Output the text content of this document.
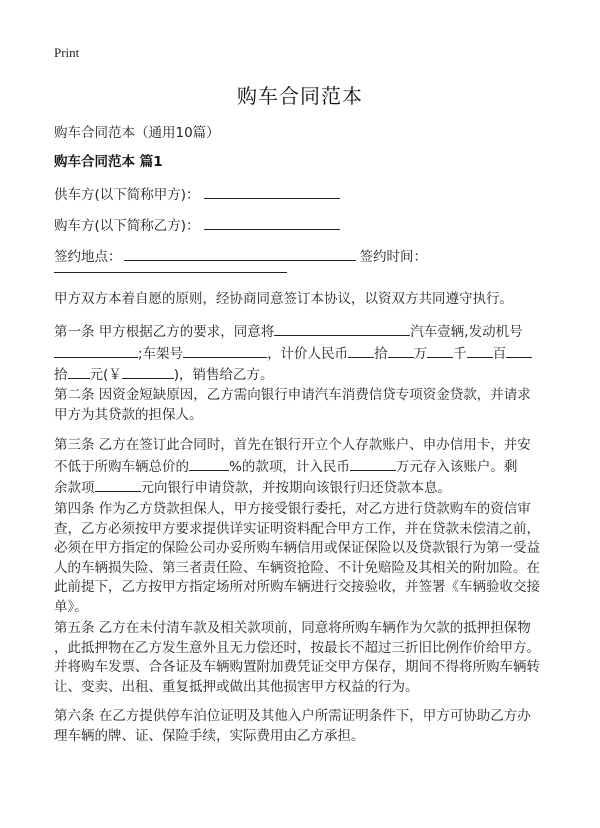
Print
购车合同范本
购车合同范本（通用10篇）
购车合同范本 篇1
供车方(以下简称甲方)：
购车方(以下简称乙方)：
签约地点：	签约时间：

甲方双方本着自愿的原则，经协商同意签订本协议，以资双方共同遵守执行。

第一条 甲方根据乙方的要求，同意将	汽车壹辆,发动机号

;车架号	，计价人民币 拾 万 千 百

拾 元(￥	)，销售给乙方。

第二条 因资金短缺原因，乙方需向银行申请汽车消费信贷专项资金贷款，并请求

甲方为其贷款的担保人。

第三条 乙方在签订此合同时，首先在银行开立个人存款账户、申办信用卡，并安

不低于所购车辆总价的	%的款项，计入民币	万元存入该账户。剩

余款项	元向银行申请贷款，并按期向该银行归还贷款本息。

第四条 作为乙方贷款担保人，甲方接受银行委托，对乙方进行贷款购车的资信审

查，乙方必须按甲方要求提供详实证明资料配合甲方工作，并在贷款未偿清之前，

必须在甲方指定的保险公司办妥所购车辆信用或保证保险以及贷款银行为第一受益

人的车辆损失险、第三者责任险、车辆资抢险、不计免赔险及其相关的附加险。在

此前提下，乙方按甲方指定场所对所购车辆进行交接验收，并签署《车辆验收交接

单》。

第五条 乙方在未付清车款及相关款项前，同意将所购车辆作为欠款的抵押担保物

，此抵押物在乙方发生意外且无力偿还时，按最长不超过三折旧比例作价给甲方。

并将购车发票、合各证及车辆购置附加费凭证交甲方保存，期间不得将所购车辆转

让、变卖、出租、重复抵押或做出其他损害甲方权益的行为。

第六条 在乙方提供停车泊位证明及其他入户所需证明条件下，甲方可协助乙方办

理车辆的牌、证、保险手续，实际费用由乙方承担。
